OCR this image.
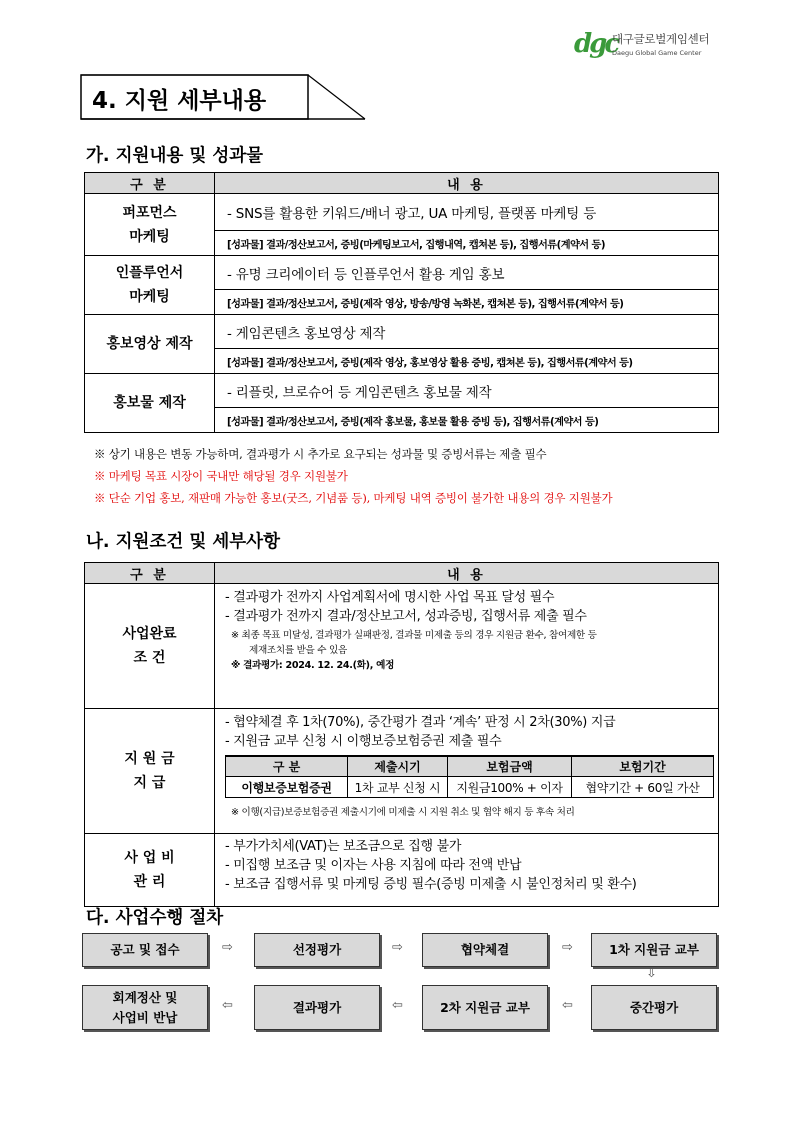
dgc
대구글로벌게임센터
Daegu Global Game Center
4. 지원 세부내용
가. 지원내용 및 성과물
구 분	내 용

퍼포먼스
마케팅	- SNS를 활용한 키워드/배너 광고, UA 마케팅, 플랫폼 마케팅 등
	[성과물] 결과/정산보고서, 증빙(마케팅보고서, 집행내역, 캡쳐본 등), 집행서류(계약서 등)

인플루언서
마케팅	- 유명 크리에이터 등 인플루언서 활용 게임 홍보
	[성과물] 결과/정산보고서, 증빙(제작 영상, 방송/방영 녹화본, 캡쳐본 등), 집행서류(계약서 등)
홍보영상 제작	- 게임콘텐츠 홍보영상 제작
	[성과물] 결과/정산보고서, 증빙(제작 영상, 홍보영상 활용 증빙, 캡쳐본 등), 집행서류(계약서 등)
홍보물 제작	- 리플릿, 브로슈어 등 게임콘텐츠 홍보물 제작
	[성과물] 결과/정산보고서, 증빙(제작 홍보물, 홍보물 활용 증빙 등), 집행서류(계약서 등)
※ 상기 내용은 변동 가능하며, 결과평가 시 추가로 요구되는 성과물 및 증빙서류는 제출 필수
※ 마케팅 목표 시장이 국내만 해당될 경우 지원불가
※ 단순 기업 홍보, 재판매 가능한 홍보(굿즈, 기념품 등), 마케팅 내역 증빙이 불가한 내용의 경우 지원불가
나. 지원조건 및 세부사항
구 분	내 용

사업완료
조 건

- 결과평가 전까지 사업계획서에 명시한 사업 목표 달성 필수
- 결과평가 전까지 결과/정산보고서, 성과증빙, 집행서류 제출 필수
※ 최종 목표 미달성, 결과평가 실패판정, 결과물 미제출 등의 경우 지원금 환수, 참여제한 등
제재조치를 받을 수 있음
※ 결과평가: 2024. 12. 24.(화), 예정

지 원 금
지 급

- 협약체결 후 1차(70%), 중간평가 결과 ‘계속’ 판정 시 2차(30%) 지급
- 지원금 교부 신청 시 이행보증보험증권 제출 필수
구 분	제출시기	보험금액	보험기간
이행보증보험증권	1차 교부 신청 시	지원금100% + 이자	협약기간 + 60일 가산
※ 이행(지급)보증보험증권 제출시기에 미제출 시 지원 취소 및 협약 해지 등 후속 처리

사 업 비
관 리

- 부가가치세(VAT)는 보조금으로 집행 불가
- 미집행 보조금 및 이자는 사용 지침에 따라 전액 반납
- 보조금 집행서류 및 마케팅 증빙 필수(증빙 미제출 시 불인정처리 및 환수)
다. 사업수행 절차
공고 및 접수	⇨	선정평가	⇨	협약체결	⇨	1차 지원금 교부
⇩
회계정산 및
사업비 반납
⇦	결과평가	⇦	2차 지원금 교부	⇦	중간평가
